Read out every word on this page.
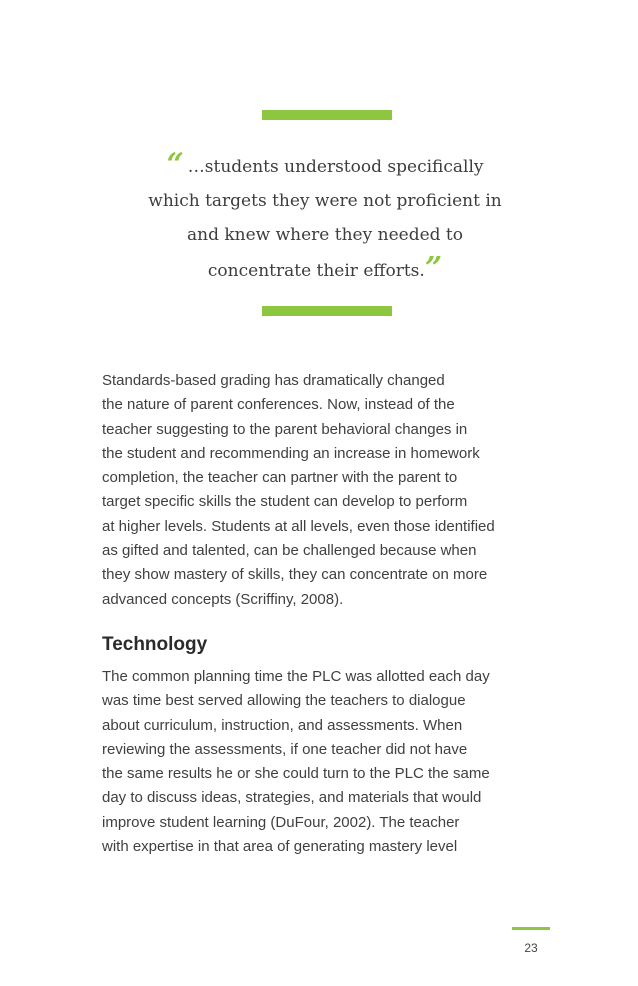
“ …students understood specifically
which targets they were not proficient in
and knew where they needed to
concentrate their efforts.”
Standards-based grading has dramatically changed
the nature of parent conferences. Now, instead of the
teacher suggesting to the parent behavioral changes in
the student and recommending an increase in homework
completion, the teacher can partner with the parent to
target specific skills the student can develop to perform
at higher levels. Students at all levels, even those identified
as gifted and talented, can be challenged because when
they show mastery of skills, they can concentrate on more
advanced concepts (Scriffiny, 2008).
Technology
The common planning time the PLC was allotted each day
was time best served allowing the teachers to dialogue
about curriculum, instruction, and assessments. When
reviewing the assessments, if one teacher did not have
the same results he or she could turn to the PLC the same
day to discuss ideas, strategies, and materials that would
improve student learning (DuFour, 2002). The teacher
with expertise in that area of generating mastery level
23
